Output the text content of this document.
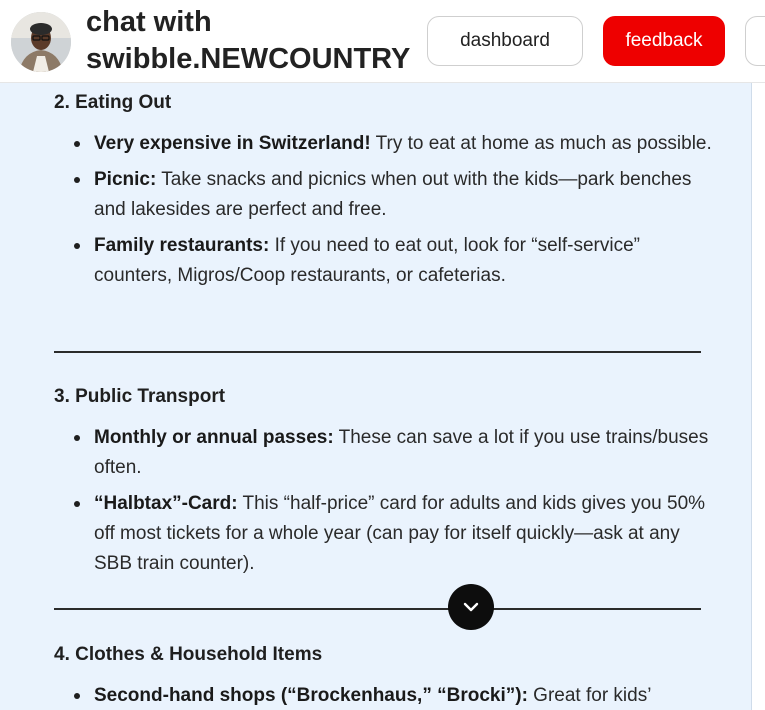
chat with
swibble.NEWCOUNTRY
dashboard	feedback
2. Eating Out
Very expensive in Switzerland! Try to eat at home as much as possible.
Picnic: Take snacks and picnics when out with the kids—park benches and lakesides are perfect and free.
Family restaurants: If you need to eat out, look for “self-service” counters, Migros/Coop restaurants, or cafeterias.
3. Public Transport
Monthly or annual passes: These can save a lot if you use trains/buses often.
“Halbtax”-Card: This “half-price” card for adults and kids gives you 50% off most tickets for a whole year (can pay for itself quickly—ask at any SBB train counter).
4. Clothes & Household Items
Second-hand shops (“Brockenhaus,” “Brocki”): Great for kids’
